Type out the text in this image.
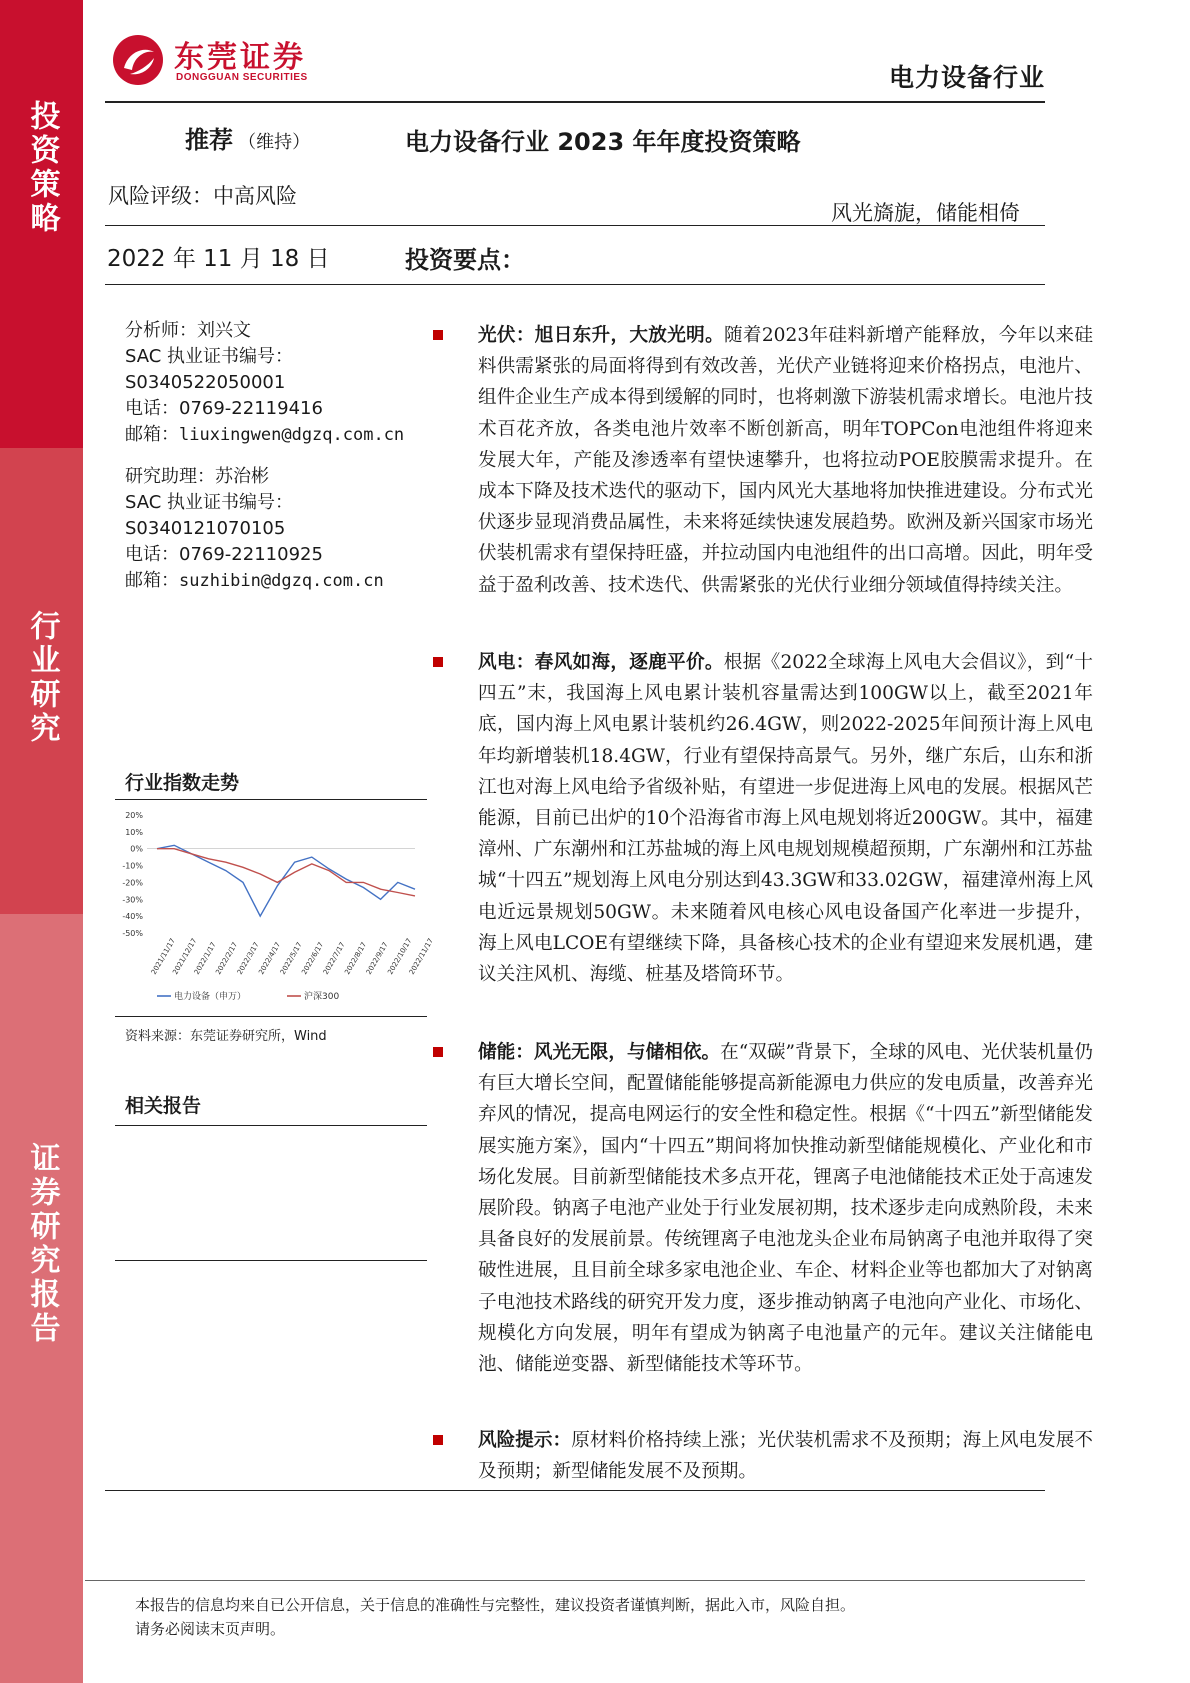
投资策略
行业研究
证券研究报告
东莞证券
DONGGUAN SECURITIES	电力设备行业
推荐 （维持）	电力设备行业 2023 年年度投资策略
风险评级：中高风险
风光旖旎，储能相倚
2022 年 11 月 18 日	投资要点：
分析师：刘兴文
SAC 执业证书编号：
S0340522050001
电话：0769-22119416
邮箱：liuxingwen@dgzq.com.cn
研究助理：苏治彬
SAC 执业证书编号：
S0340121070105
电话：0769-22110925
邮箱：suzhibin@dgzq.com.cn
行业指数走势
20%
10%
0%
-10%
-20%
-30%
-40%
-50%
2021/11/17
2021/12/17
2022/1/17
2022/2/17
2022/3/17
2022/4/17
2022/5/17
2022/6/17
2022/7/17
2022/8/17
2022/9/17
2022/10/17
2022/11/17
电力设备（申万）	沪深300
资料来源：东莞证券研究所，Wind
相关报告
光伏：旭日东升，大放光明。随着2023年硅料新增产能释放，今年以来硅料供需紧张的局面将得到有效改善，光伏产业链将迎来价格拐点，电池片、组件企业生产成本得到缓解的同时，也将刺激下游装机需求增长。电池片技术百花齐放，各类电池片效率不断创新高，明年TOPCon电池组件将迎来发展大年，产能及渗透率有望快速攀升，也将拉动POE胶膜需求提升。在成本下降及技术迭代的驱动下，国内风光大基地将加快推进建设。分布式光伏逐步显现消费品属性，未来将延续快速发展趋势。欧洲及新兴国家市场光伏装机需求有望保持旺盛，并拉动国内电池组件的出口高增。因此，明年受益于盈利改善、技术迭代、供需紧张的光伏行业细分领域值得持续关注。
风电：春风如海，逐鹿平价。根据《2022全球海上风电大会倡议》，到“十四五”末，我国海上风电累计装机容量需达到100GW以上，截至2021年底，国内海上风电累计装机约26.4GW，则2022-2025年间预计海上风电年均新增装机18.4GW，行业有望保持高景气。另外，继广东后，山东和浙江也对海上风电给予省级补贴，有望进一步促进海上风电的发展。根据风芒能源，目前已出炉的10个沿海省市海上风电规划将近200GW。其中，福建漳州、广东潮州和江苏盐城的海上风电规划规模超预期，广东潮州和江苏盐城“十四五”规划海上风电分别达到43.3GW和33.02GW，福建漳州海上风电近远景规划50GW。未来随着风电核心风电设备国产化率进一步提升，海上风电LCOE有望继续下降，具备核心技术的企业有望迎来发展机遇，建议关注风机、海缆、桩基及塔筒环节。
储能：风光无限，与储相依。在“双碳”背景下，全球的风电、光伏装机量仍有巨大增长空间，配置储能能够提高新能源电力供应的发电质量，改善弃光弃风的情况，提高电网运行的安全性和稳定性。根据《“十四五”新型储能发展实施方案》，国内“十四五”期间将加快推动新型储能规模化、产业化和市场化发展。目前新型储能技术多点开花，锂离子电池储能技术正处于高速发展阶段。钠离子电池产业处于行业发展初期，技术逐步走向成熟阶段，未来具备良好的发展前景。传统锂离子电池龙头企业布局钠离子电池并取得了突破性进展，且目前全球多家电池企业、车企、材料企业等也都加大了对钠离子电池技术路线的研究开发力度，逐步推动钠离子电池向产业化、市场化、规模化方向发展，明年有望成为钠离子电池量产的元年。建议关注储能电池、储能逆变器、新型储能技术等环节。
风险提示：原材料价格持续上涨；光伏装机需求不及预期；海上风电发展不及预期；新型储能发展不及预期。
本报告的信息均来自已公开信息，关于信息的准确性与完整性，建议投资者谨慎判断，据此入市，风险自担。
请务必阅读末页声明。
